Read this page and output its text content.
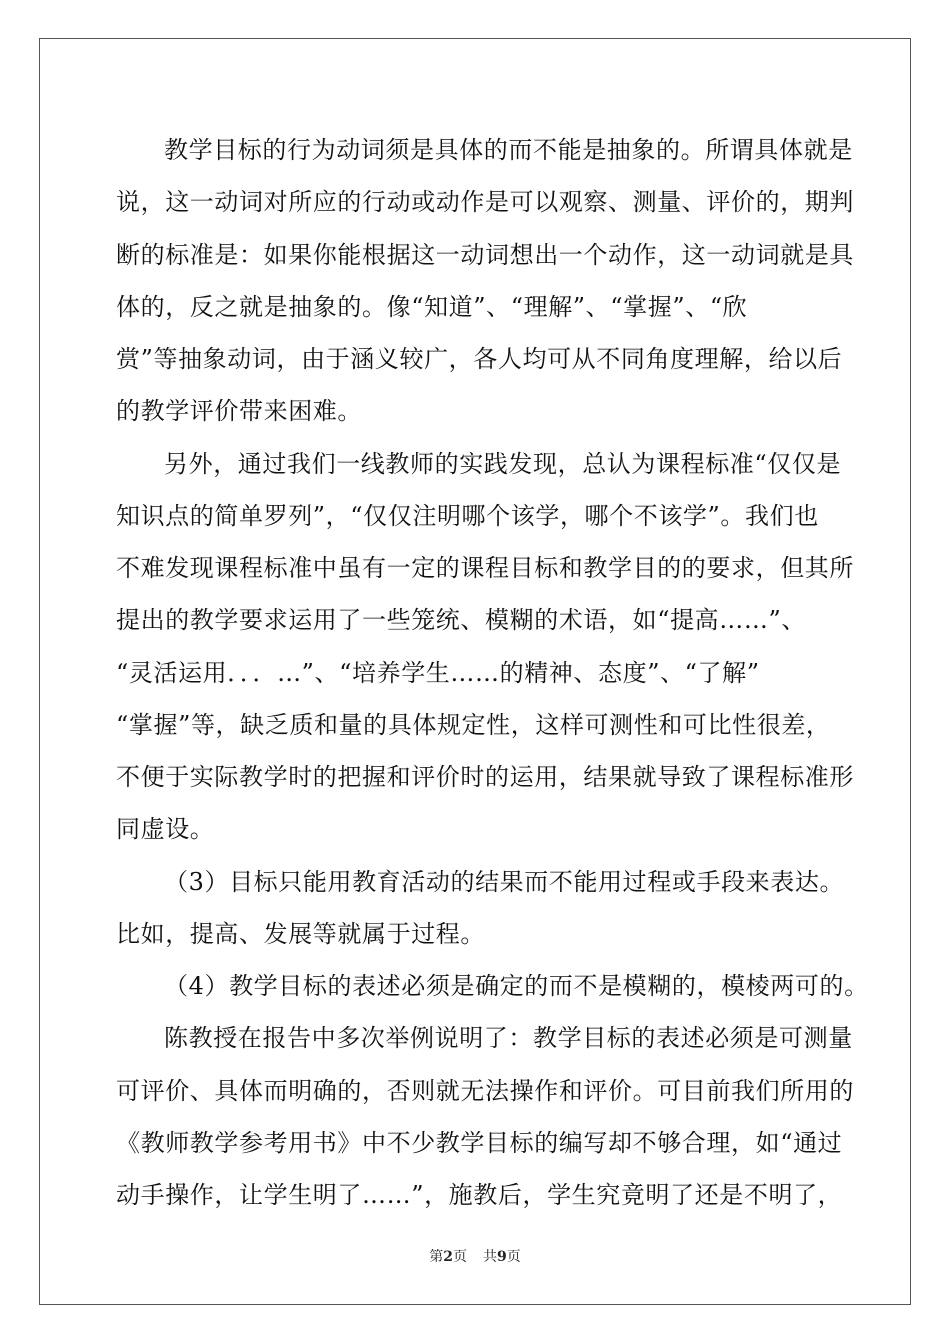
教学目标的行为动词须是具体的而不能是抽象的。所谓具体就是
说，这一动词对所应的行动或动作是可以观察、测量、评价的，期判
断的标准是：如果你能根据这一动词想出一个动作，这一动词就是具
体的，反之就是抽象的。像“知道”、“理解”、“掌握”、“欣
赏”等抽象动词，由于涵义较广，各人均可从不同角度理解，给以后
的教学评价带来困难。
另外，通过我们一线教师的实践发现，总认为课程标准“仅仅是
知识点的简单罗列”，“仅仅注明哪个该学，哪个不该学”。我们也
不难发现课程标准中虽有一定的课程目标和教学目的的要求，但其所
提出的教学要求运用了一些笼统、模糊的术语，如“提高……”、
“灵活运用．．．…”、“培养学生……的精神、态度”、“了解”
“掌握”等，缺乏质和量的具体规定性，这样可测性和可比性很差，
不便于实际教学时的把握和评价时的运用，结果就导致了课程标准形
同虚设。
（3）目标只能用教育活动的结果而不能用过程或手段来表达。
比如，提高、发展等就属于过程。
（4）教学目标的表述必须是确定的而不是模糊的，模棱两可的。
陈教授在报告中多次举例说明了：教学目标的表述必须是可测量
可评价、具体而明确的，否则就无法操作和评价。可目前我们所用的
《教师教学参考用书》中不少教学目标的编写却不够合理，如“通过
动手操作，让学生明了……”，施教后，学生究竟明了还是不明了，
第2页 共9页
